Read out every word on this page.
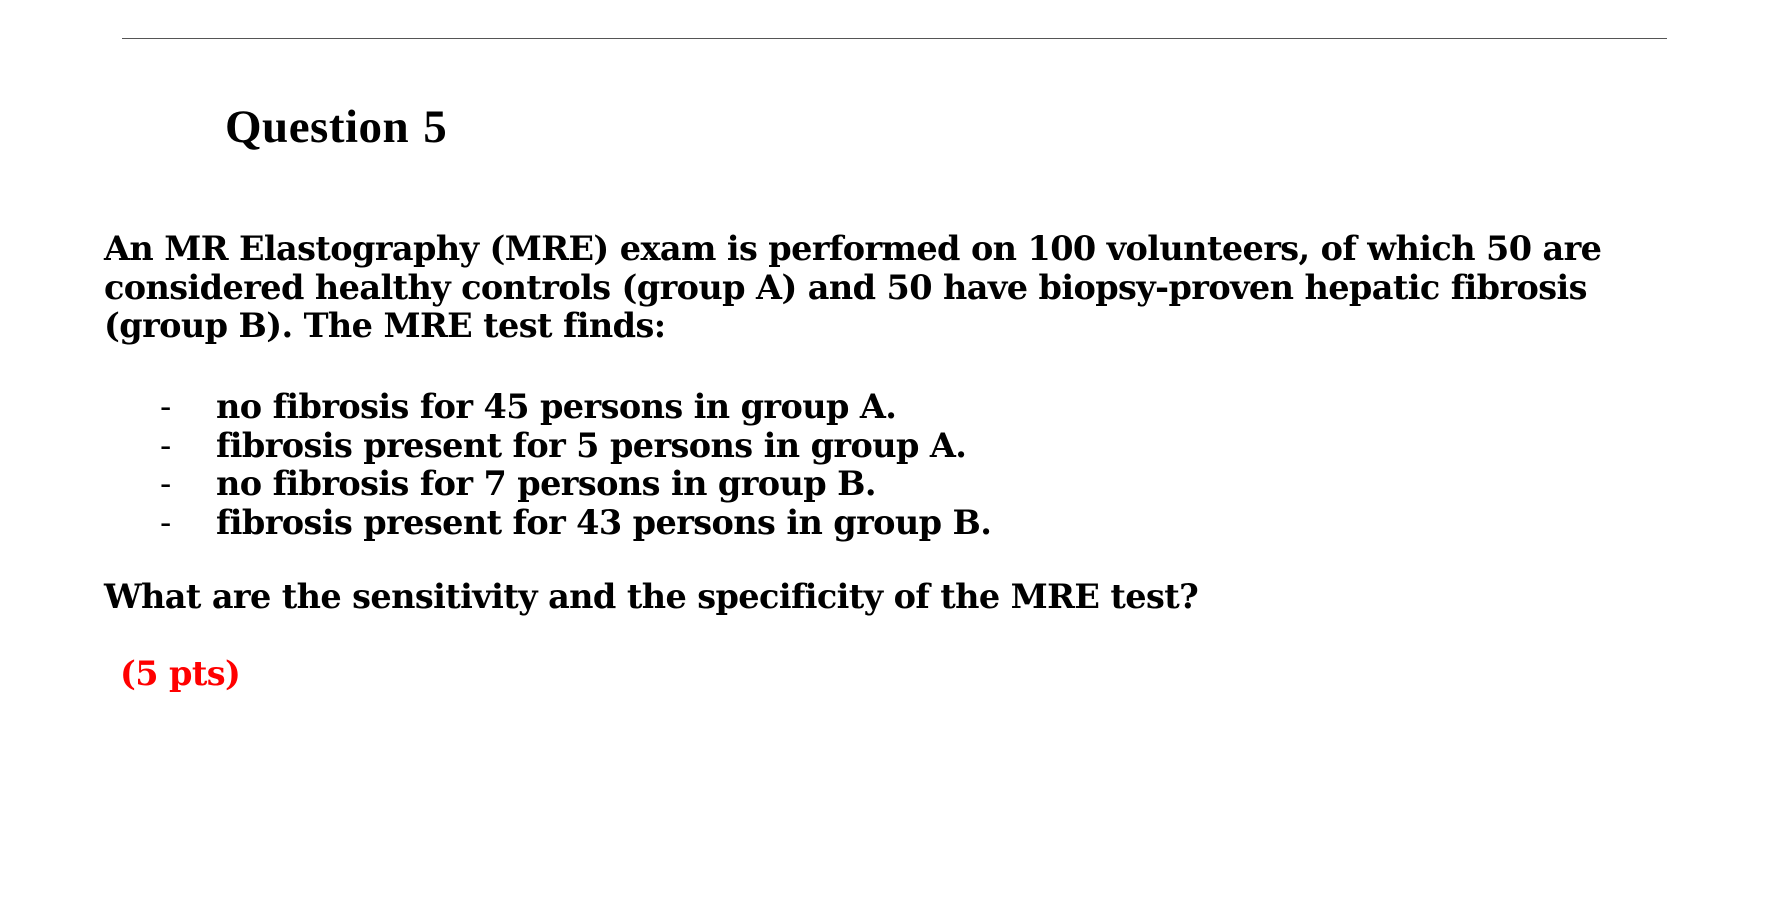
Question 5

An MR Elastography (MRE) exam is performed on 100 volunteers, of which 50 are considered healthy controls (group A) and 50 have biopsy-proven hepatic fibrosis (group B). The MRE test finds:

- no fibrosis for 45 persons in group A.
- fibrosis present for 5 persons in group A.
- no fibrosis for 7 persons in group B.
- fibrosis present for 43 persons in group B.

What are the sensitivity and the specificity of the MRE test?

(5 pts)
